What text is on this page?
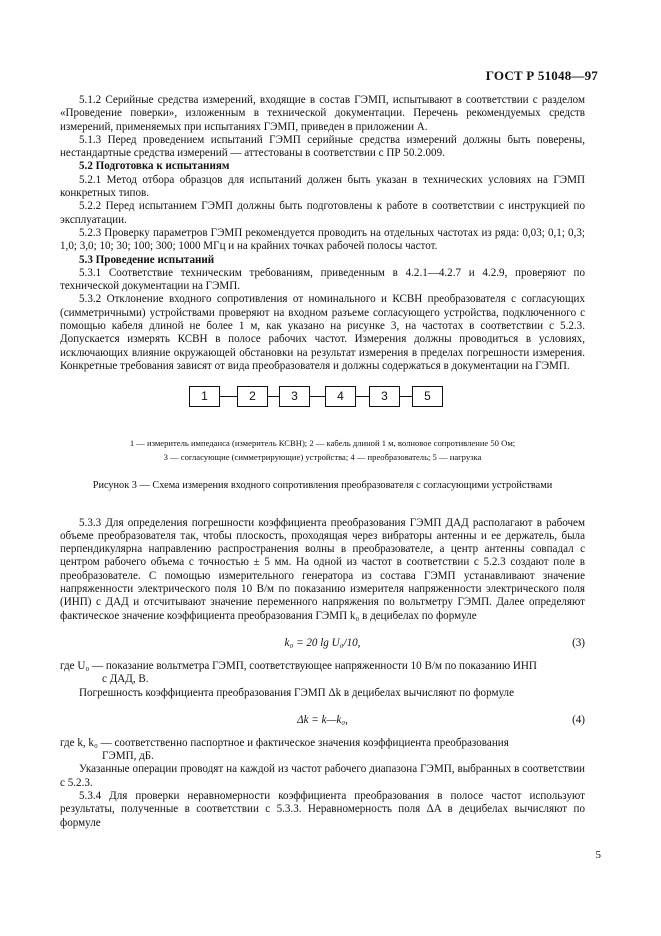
ГОСТ Р 51048—97

5.1.2 Серийные средства измерений, входящие в состав ГЭМП, испытывают в соответствии с разделом «Проведение поверки», изложенным в технической документации. Перечень рекомендуемых средств измерений, применяемых при испытаниях ГЭМП, приведен в приложении А.

5.1.3 Перед проведением испытаний ГЭМП серийные средства измерений должны быть поверены, нестандартные средства измерений — аттестованы в соответствии с ПР 50.2.009.

5.2 Подготовка к испытаниям

5.2.1 Метод отбора образцов для испытаний должен быть указан в технических условиях на ГЭМП конкретных типов.

5.2.2 Перед испытанием ГЭМП должны быть подготовлены к работе в соответствии с инструкцией по эксплуатации.

5.2.3 Проверку параметров ГЭМП рекомендуется проводить на отдельных частотах из ряда: 0,03; 0,1; 0,3; 1,0; 3,0; 10; 30; 100; 300; 1000 МГц и на крайних точках рабочей полосы частот.

5.3 Проведение испытаний

5.3.1 Соответствие техническим требованиям, приведенным в 4.2.1—4.2.7 и 4.2.9, проверяют по технической документации на ГЭМП.

5.3.2 Отклонение входного сопротивления от номинального и КСВН преобразователя с согласующих (симметричными) устройствами проверяют на входном разъеме согласующего устройства, подключенного с помощью кабеля длиной не более 1 м, как указано на рисунке 3, на частотах в соответствии с 5.2.3. Допускается измерять КСВН в полосе рабочих частот. Измерения должны проводиться в условиях, исключающих влияние окружающей обстановки на результат измерения в пределах погрешности измерения. Конкретные требования зависят от вида преобразователя и должны содержаться в документации на ГЭМП.

1	2	3	4	3	5
1 — измеритель импеданса (измеритель КСВН); 2 — кабель длиной 1 м, волновое сопротивление 50 Ом;
3 — согласующие (симметрирующие) устройства; 4 — преобразователь; 5 — нагрузка

Рисунок 3 — Схема измерения входного сопротивления преобразователя с согласующими устройствами

5.3.3 Для определения погрешности коэффициента преобразования ГЭМП ДАД располагают в рабочем объеме преобразователя так, чтобы плоскость, проходящая через вибраторы антенны и ее держатель, была перпендикулярна направлению распространения волны в преобразователе, а центр антенны совпадал с центром рабочего объема с точностью ± 5 мм. На одной из частот в соответствии с 5.2.3 создают поле в преобразователе. С помощью измерительного генератора из состава ГЭМП устанавливают значение напряженности электрического поля 10 В/м по показанию измерителя напряженности электрического поля (ИНП) с ДАД и отсчитывают значение переменного напряжения по вольтметру ГЭМП. Далее определяют фактическое значение коэффициента преобразования ГЭМП k₀ в децибелах по формуле

k₀ = 20 lg U₀/10,	(3)

где U₀ — показание вольтметра ГЭМП, соответствующее напряженности 10 В/м по показанию ИНП

с ДАД, В.

Погрешность коэффициента преобразования ГЭМП Δk в децибелах вычисляют по формуле

Δk = k—k₀,	(4)

где k, k₀ — соответственно паспортное и фактическое значения коэффициента преобразования

ГЭМП, дБ.

Указанные операции проводят на каждой из частот рабочего диапазона ГЭМП, выбранных в соответствии с 5.2.3.

5.3.4 Для проверки неравномерности коэффициента преобразования в полосе частот используют результаты, полученные в соответствии с 5.3.3. Неравномерность поля ΔA в децибелах вычисляют по формуле

5
